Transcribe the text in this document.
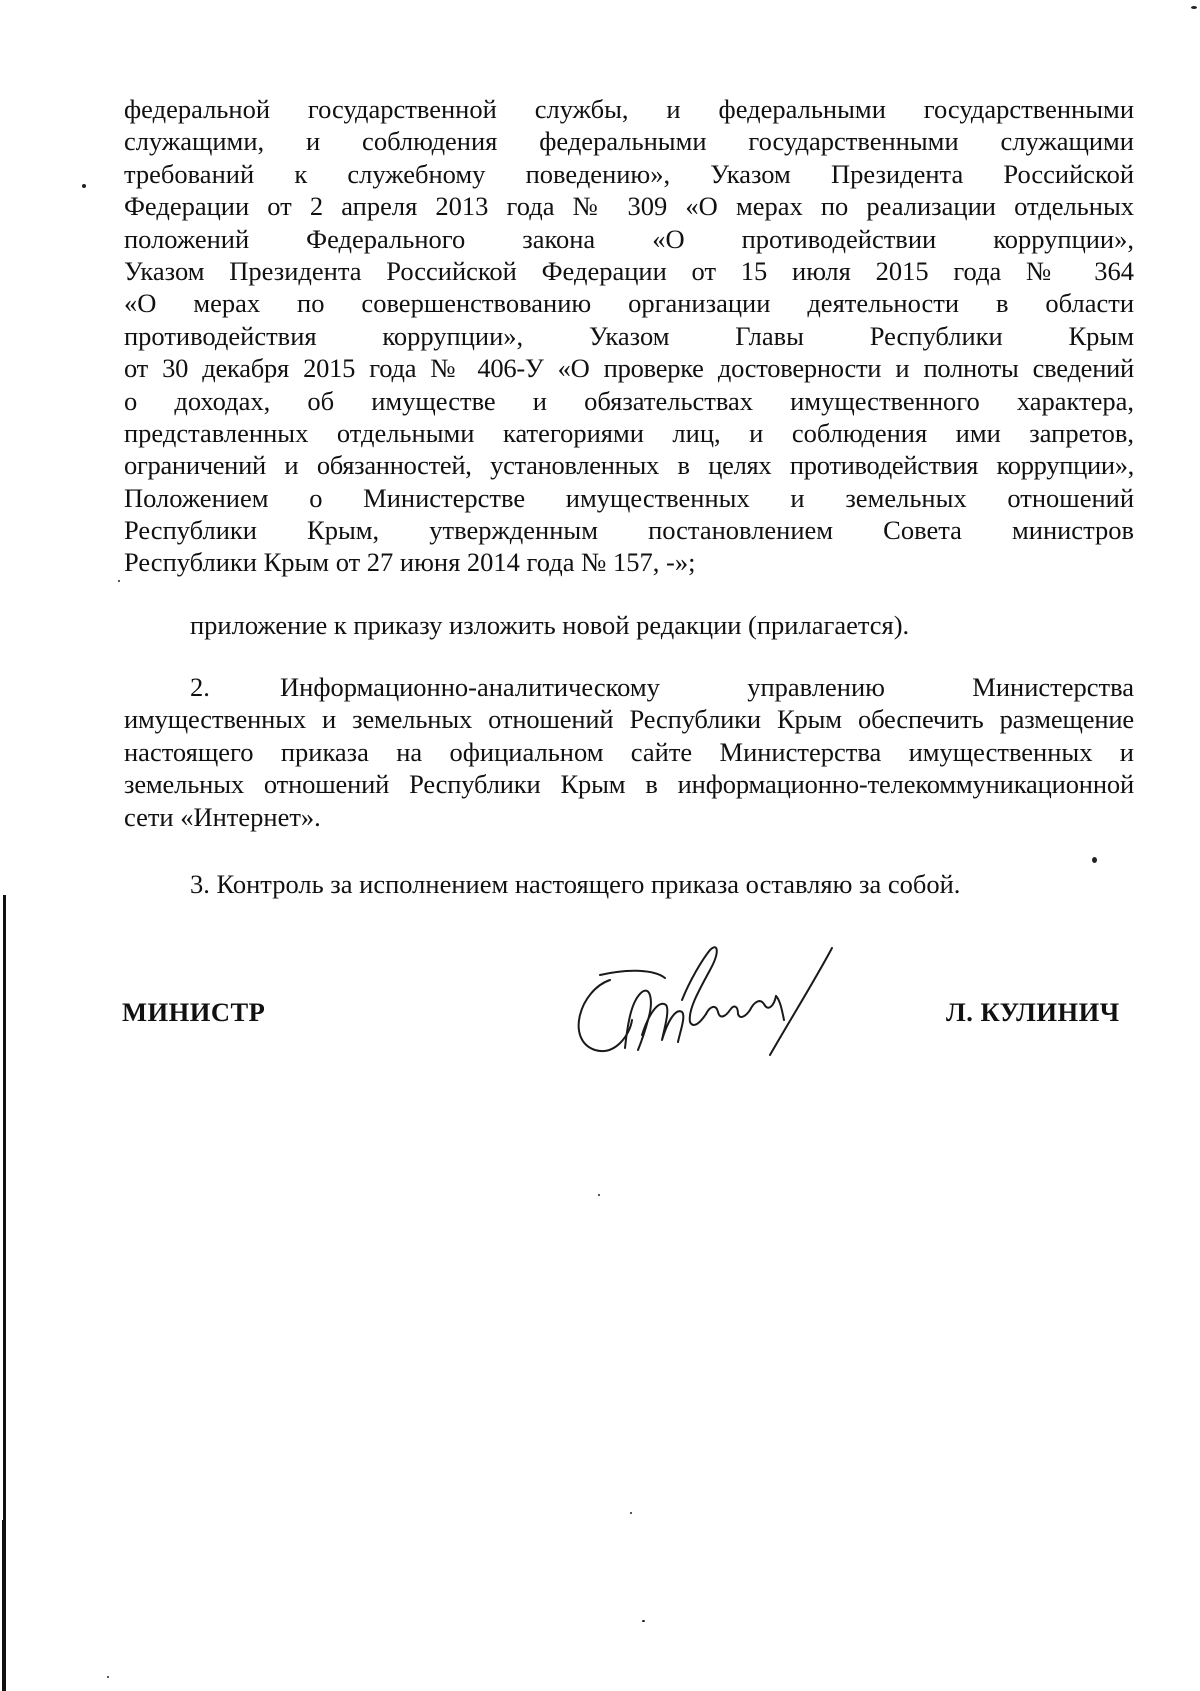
федеральной государственной службы, и федеральными государственными
служащими, и соблюдения федеральными государственными служащими
требований к служебному поведению», Указом Президента Российской
Федерации от 2 апреля 2013 года № 309 «О мерах по реализации отдельных
положений Федерального закона «О противодействии коррупции»,
Указом Президента Российской Федерации от 15 июля 2015 года № 364
«О мерах по совершенствованию организации деятельности в области
противодействия коррупции», Указом Главы Республики Крым
от 30 декабря 2015 года № 406-У «О проверке достоверности и полноты сведений
о доходах, об имуществе и обязательствах имущественного характера,
представленных отдельными категориями лиц, и соблюдения ими запретов,
ограничений и обязанностей, установленных в целях противодействия коррупции»,
Положением о Министерстве имущественных и земельных отношений
Республики Крым, утвержденным постановлением Совета министров
Республики Крым от 27 июня 2014 года № 157, -»;
приложение к приказу изложить новой редакции (прилагается).
2.	Информационно-аналитическому управлению Министерства
имущественных и земельных отношений Республики Крым обеспечить размещение
настоящего приказа на официальном сайте Министерства имущественных и
земельных отношений Республики Крым в информационно-телекоммуникационной
сети «Интернет».
3. Контроль за исполнением настоящего приказа оставляю за собой.
МИНИСТР	Л. КУЛИНИЧ
